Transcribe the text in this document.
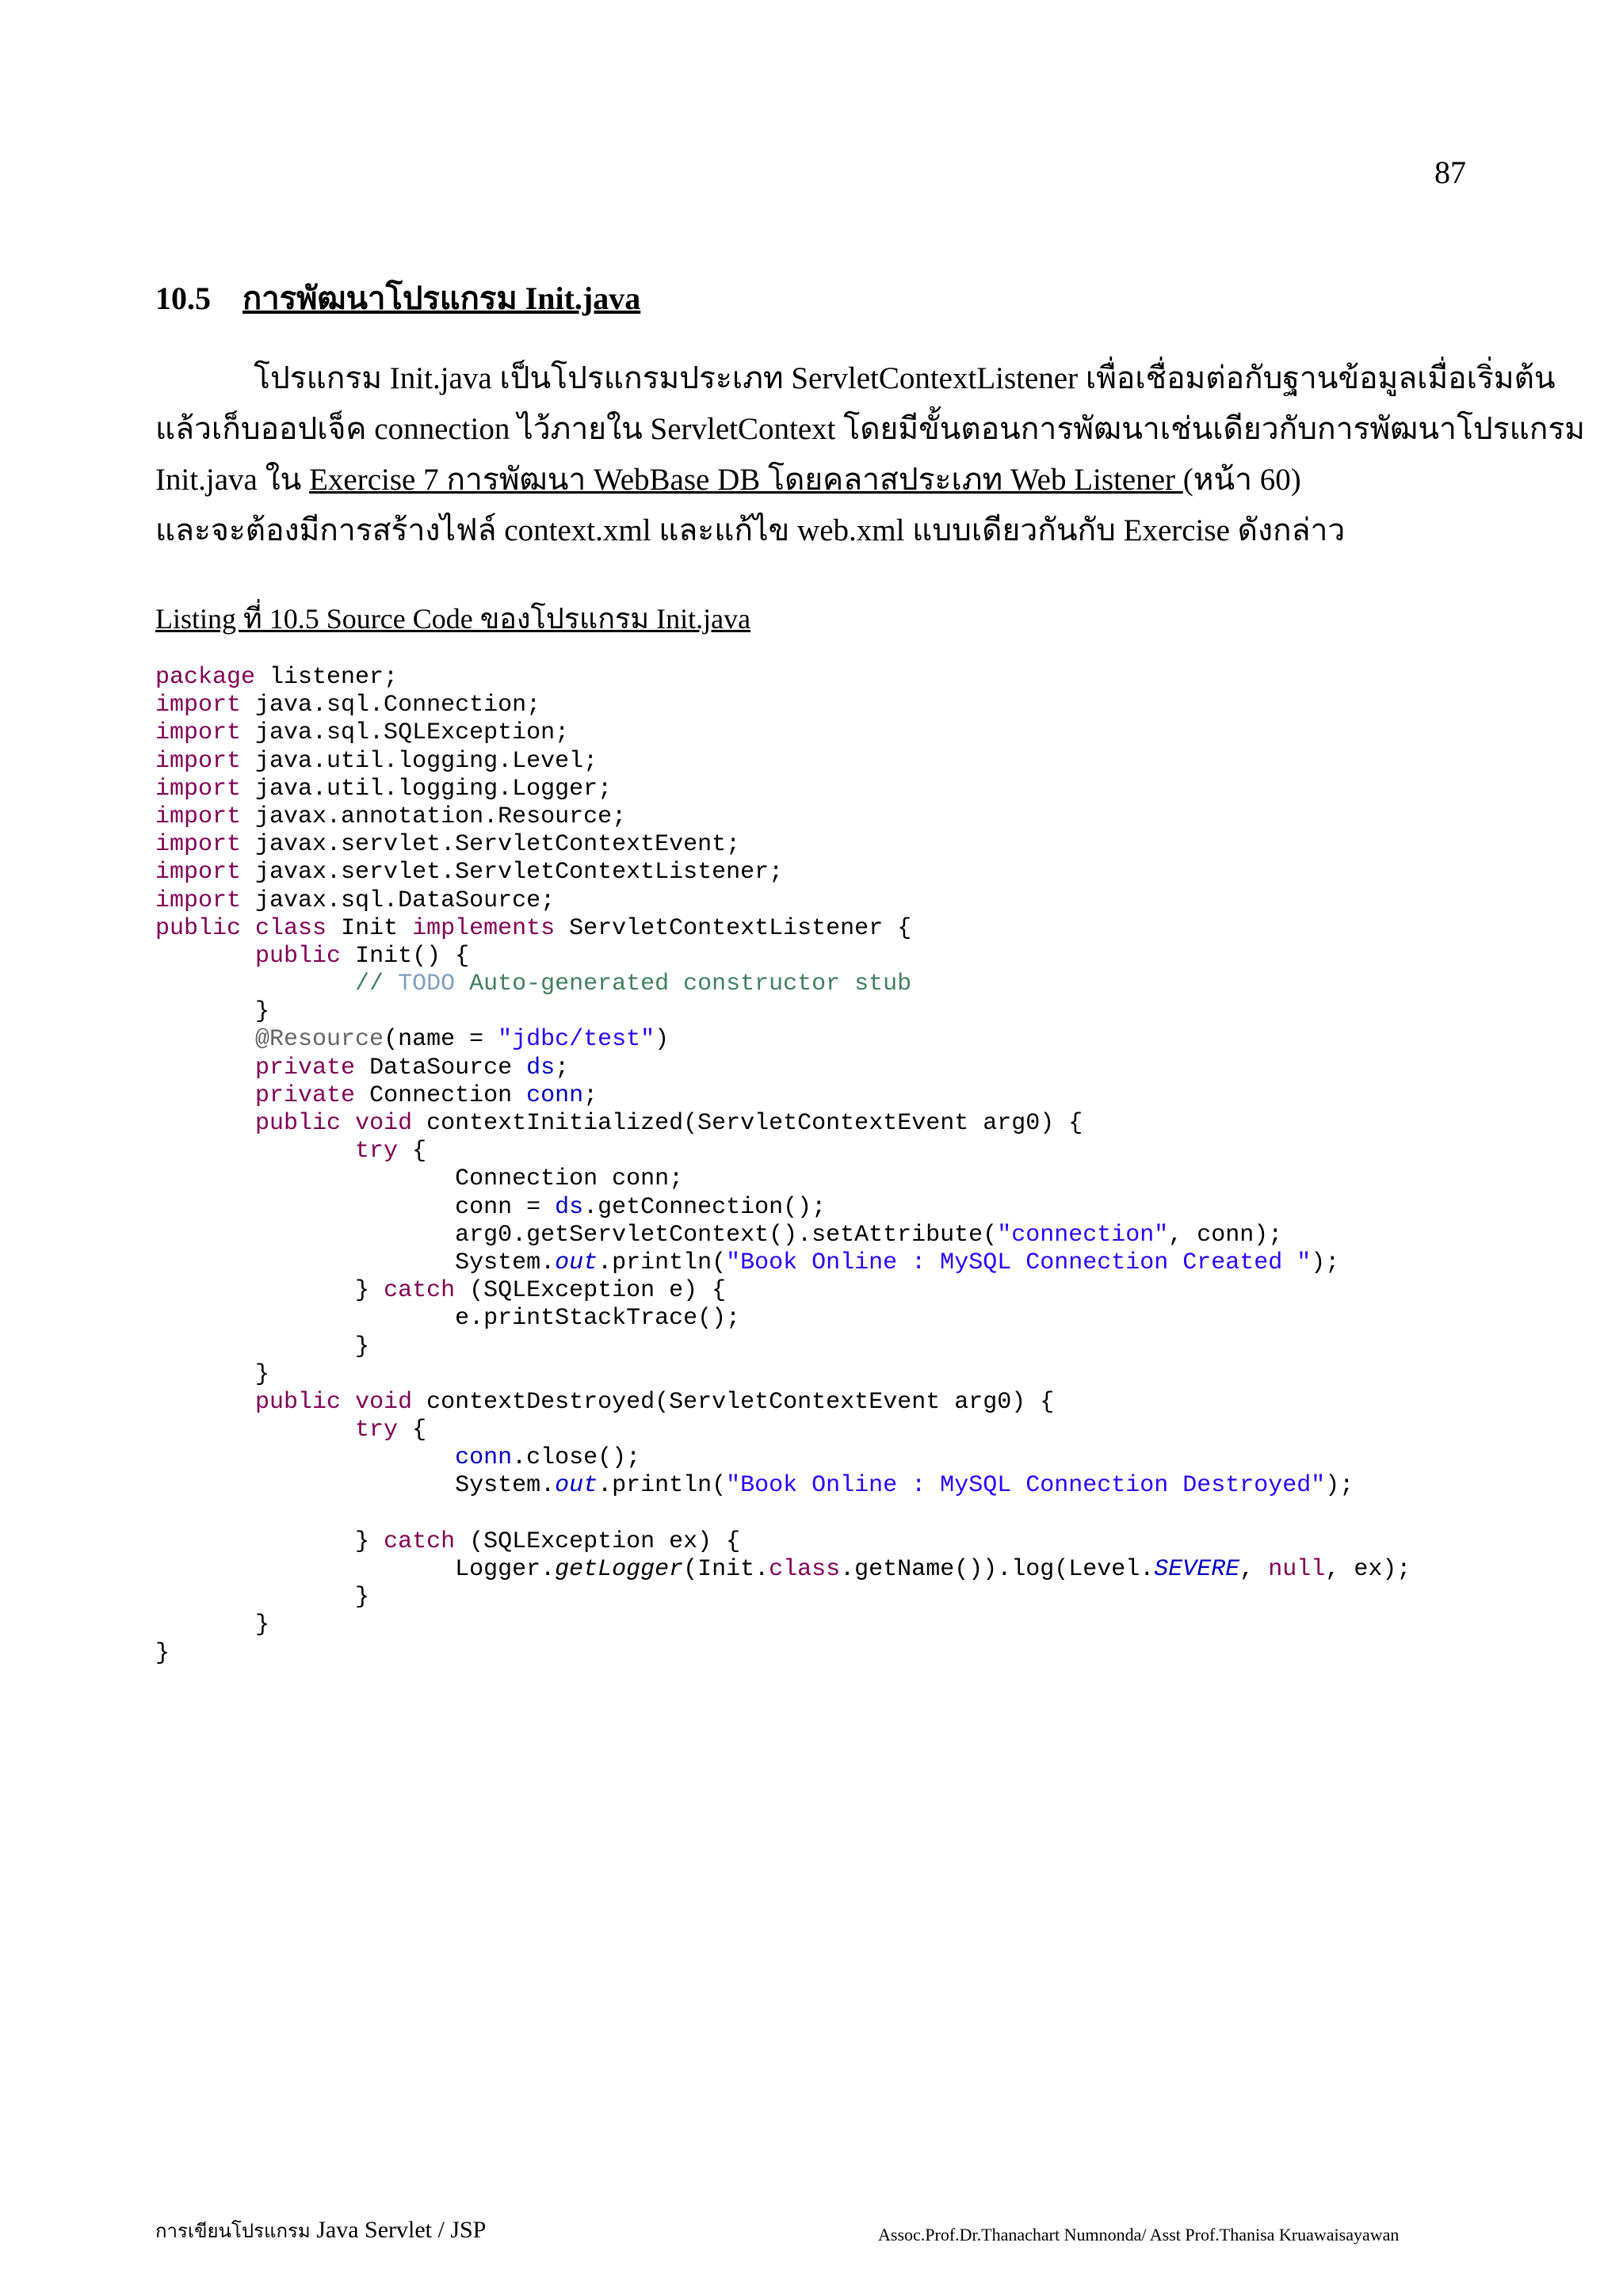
87
10.5 การพัฒนาโปรแกรม Init.java
โปรแกรม Init.java เป็นโปรแกรมประเภท ServletContextListener เพื่อเชื่อมต่อกับฐานข้อมูลเมื่อเริ่มต้น
แล้วเก็บออปเจ็ค connection ไว้ภายใน ServletContext โดยมีขั้นตอนการพัฒนาเช่นเดียวกับการพัฒนาโปรแกรม
Init.java ใน Exercise 7 การพัฒนา WebBase DB โดยคลาสประเภท Web Listener (หน้า 60)
และจะต้องมีการสร้างไฟล์ context.xml และแก้ไข web.xml แบบเดียวกันกับ Exercise ดังกล่าว
Listing ที่ 10.5 Source Code ของโปรแกรม Init.java
package listener;
import java.sql.Connection;
import java.sql.SQLException;
import java.util.logging.Level;
import java.util.logging.Logger;
import javax.annotation.Resource;
import javax.servlet.ServletContextEvent;
import javax.servlet.ServletContextListener;
import javax.sql.DataSource;
public class Init implements ServletContextListener {
public Init() {
// TODO Auto-generated constructor stub
}
@Resource(name = "jdbc/test")
private DataSource ds;
private Connection conn;
public void contextInitialized(ServletContextEvent arg0) {
try {
Connection conn;
conn = ds.getConnection();
arg0.getServletContext().setAttribute("connection", conn);
System.out.println("Book Online : MySQL Connection Created ");
} catch (SQLException e) {
e.printStackTrace();
}
}
public void contextDestroyed(ServletContextEvent arg0) {
try {
conn.close();
System.out.println("Book Online : MySQL Connection Destroyed");
} catch (SQLException ex) {
Logger.getLogger(Init.class.getName()).log(Level.SEVERE, null, ex);
}
}
}
การเขียนโปรแกรม Java Servlet / JSP	Assoc.Prof.Dr.Thanachart Numnonda/ Asst Prof.Thanisa Kruawaisayawan
